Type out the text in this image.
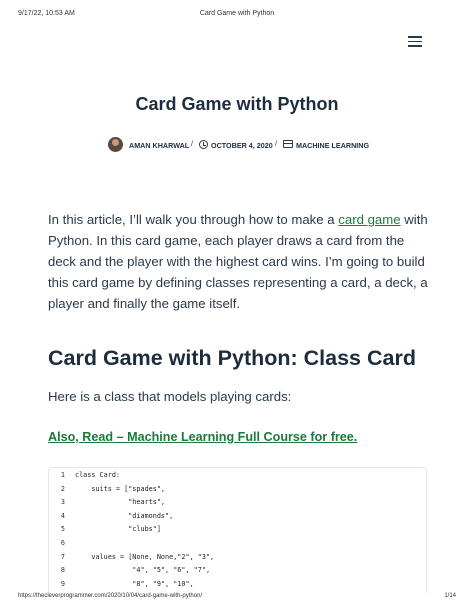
9/17/22, 10:53 AM	Card Game with Python
Card Game with Python
AMAN KHARWAL /	OCTOBER 4, 2020 /	MACHINE LEARNING

In this article, I’ll walk you through how to make a card game with Python. In this card game, each player draws a card from the deck and the player with the highest card wins. I’m going to build this card game by defining classes representing a card, a deck, a player and finally the game itself.

Card Game with Python: Class Card

Here is a class that models playing cards:

Also, Read – Machine Learning Full Course for free.
1 class Card:
2 suits = ["spades",
3 "hearts",
4 "diamonds",
5 "clubs"]
6
7 values = [None, None,"2", "3",
8 "4", "5", "6", "7",
9 "8", "9", "10",
https://thecleverprogrammer.com/2020/10/04/card-game-with-python/	1/14
